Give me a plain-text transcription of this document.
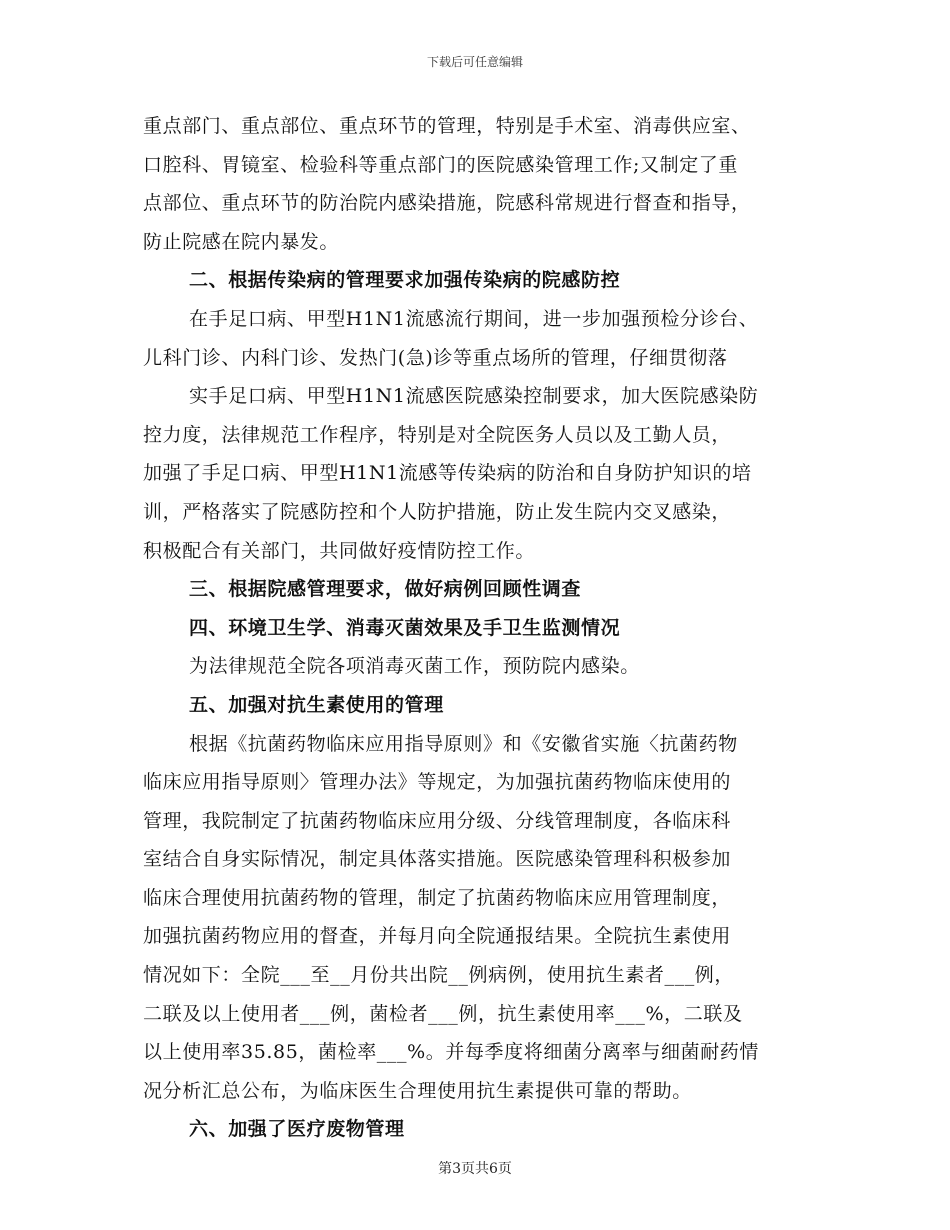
下载后可任意编辑
重点部门、重点部位、重点环节的管理，特别是手术室、消毒供应室、
口腔科、胃镜室、检验科等重点部门的医院感染管理工作;又制定了重
点部位、重点环节的防治院内感染措施，院感科常规进行督查和指导，
防止院感在院内暴发。
二、根据传染病的管理要求加强传染病的院感防控
在手足口病、甲型H1N1流感流行期间，进一步加强预检分诊台、
儿科门诊、内科门诊、发热门(急)诊等重点场所的管理，仔细贯彻落
实手足口病、甲型H1N1流感医院感染控制要求，加大医院感染防
控力度，法律规范工作程序，特别是对全院医务人员以及工勤人员，
加强了手足口病、甲型H1N1流感等传染病的防治和自身防护知识的培
训，严格落实了院感防控和个人防护措施，防止发生院内交叉感染，
积极配合有关部门，共同做好疫情防控工作。
三、根据院感管理要求，做好病例回顾性调查
四、环境卫生学、消毒灭菌效果及手卫生监测情况
为法律规范全院各项消毒灭菌工作，预防院内感染。
五、加强对抗生素使用的管理
根据《抗菌药物临床应用指导原则》和《安徽省实施〈抗菌药物
临床应用指导原则〉管理办法》等规定，为加强抗菌药物临床使用的
管理，我院制定了抗菌药物临床应用分级、分线管理制度，各临床科
室结合自身实际情况，制定具体落实措施。医院感染管理科积极参加
临床合理使用抗菌药物的管理，制定了抗菌药物临床应用管理制度，
加强抗菌药物应用的督查，并每月向全院通报结果。全院抗生素使用
情况如下：全院___至__月份共出院__例病例，使用抗生素者___例，
二联及以上使用者___例，菌检者___例，抗生素使用率___%，二联及
以上使用率35.85，菌检率___%。并每季度将细菌分离率与细菌耐药情
况分析汇总公布，为临床医生合理使用抗生素提供可靠的帮助。
六、加强了医疗废物管理
第3页共6页
